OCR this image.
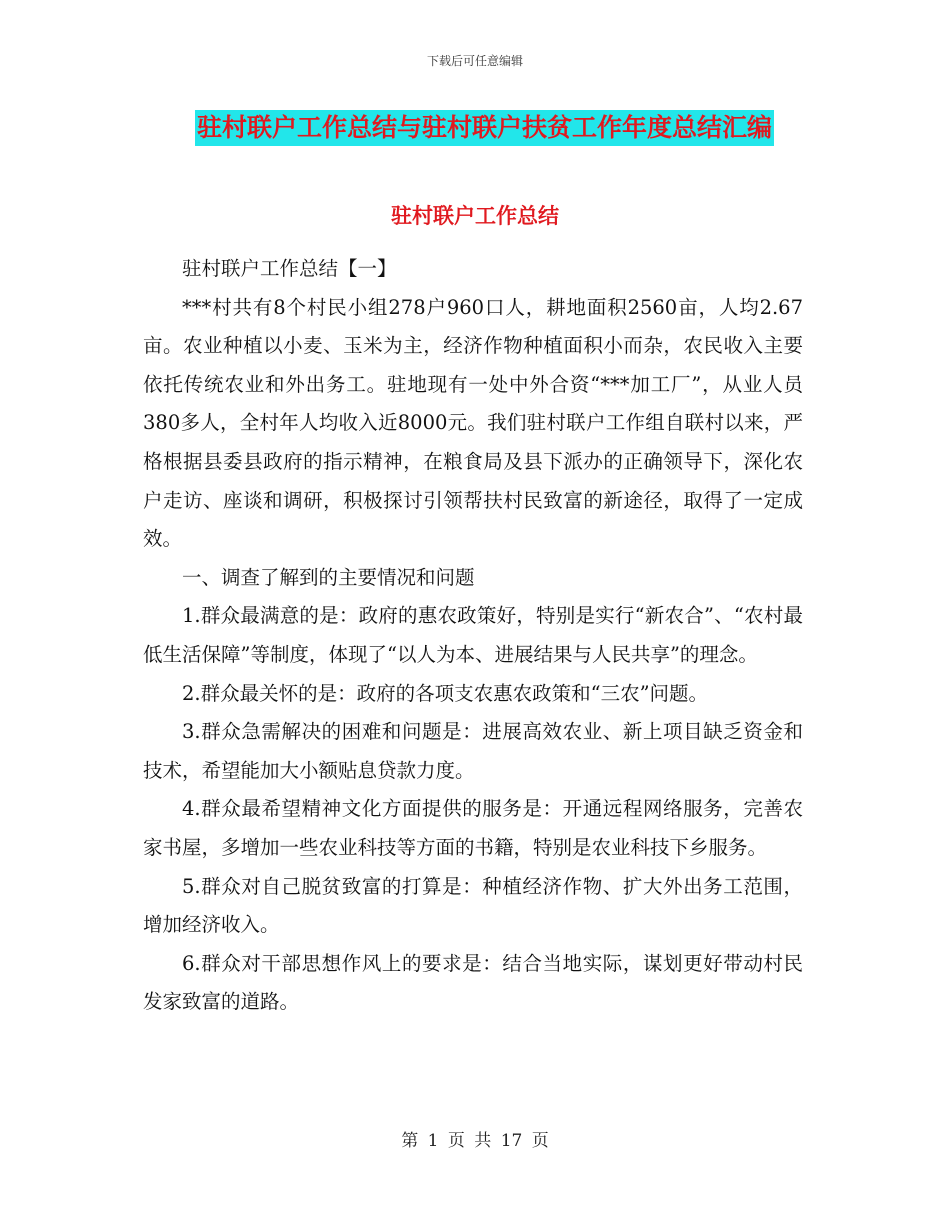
下载后可任意编辑
驻村联户工作总结与驻村联户扶贫工作年度总结汇编
驻村联户工作总结

驻村联户工作总结【一】

***村共有8个村民小组278户960口人，耕地面积2560亩，人均2.67亩。农业种植以小麦、玉米为主，经济作物种植面积小而杂，农民收入主要依托传统农业和外出务工。驻地现有一处中外合资“***加工厂”，从业人员380多人，全村年人均收入近8000元。我们驻村联户工作组自联村以来，严格根据县委县政府的指示精神，在粮食局及县下派办的正确领导下，深化农户走访、座谈和调研，积极探讨引领帮扶村民致富的新途径，取得了一定成效。

一、调查了解到的主要情况和问题

1.群众最满意的是：政府的惠农政策好，特别是实行“新农合”、“农村最低生活保障”等制度，体现了“以人为本、进展结果与人民共享”的理念。

2.群众最关怀的是：政府的各项支农惠农政策和“三农”问题。

3.群众急需解决的困难和问题是：进展高效农业、新上项目缺乏资金和技术，希望能加大小额贴息贷款力度。

4.群众最希望精神文化方面提供的服务是：开通远程网络服务，完善农家书屋，多增加一些农业科技等方面的书籍，特别是农业科技下乡服务。

5.群众对自己脱贫致富的打算是：种植经济作物、扩大外出务工范围，增加经济收入。

6.群众对干部思想作风上的要求是：结合当地实际，谋划更好带动村民发家致富的道路。

第 1 页 共 17 页
